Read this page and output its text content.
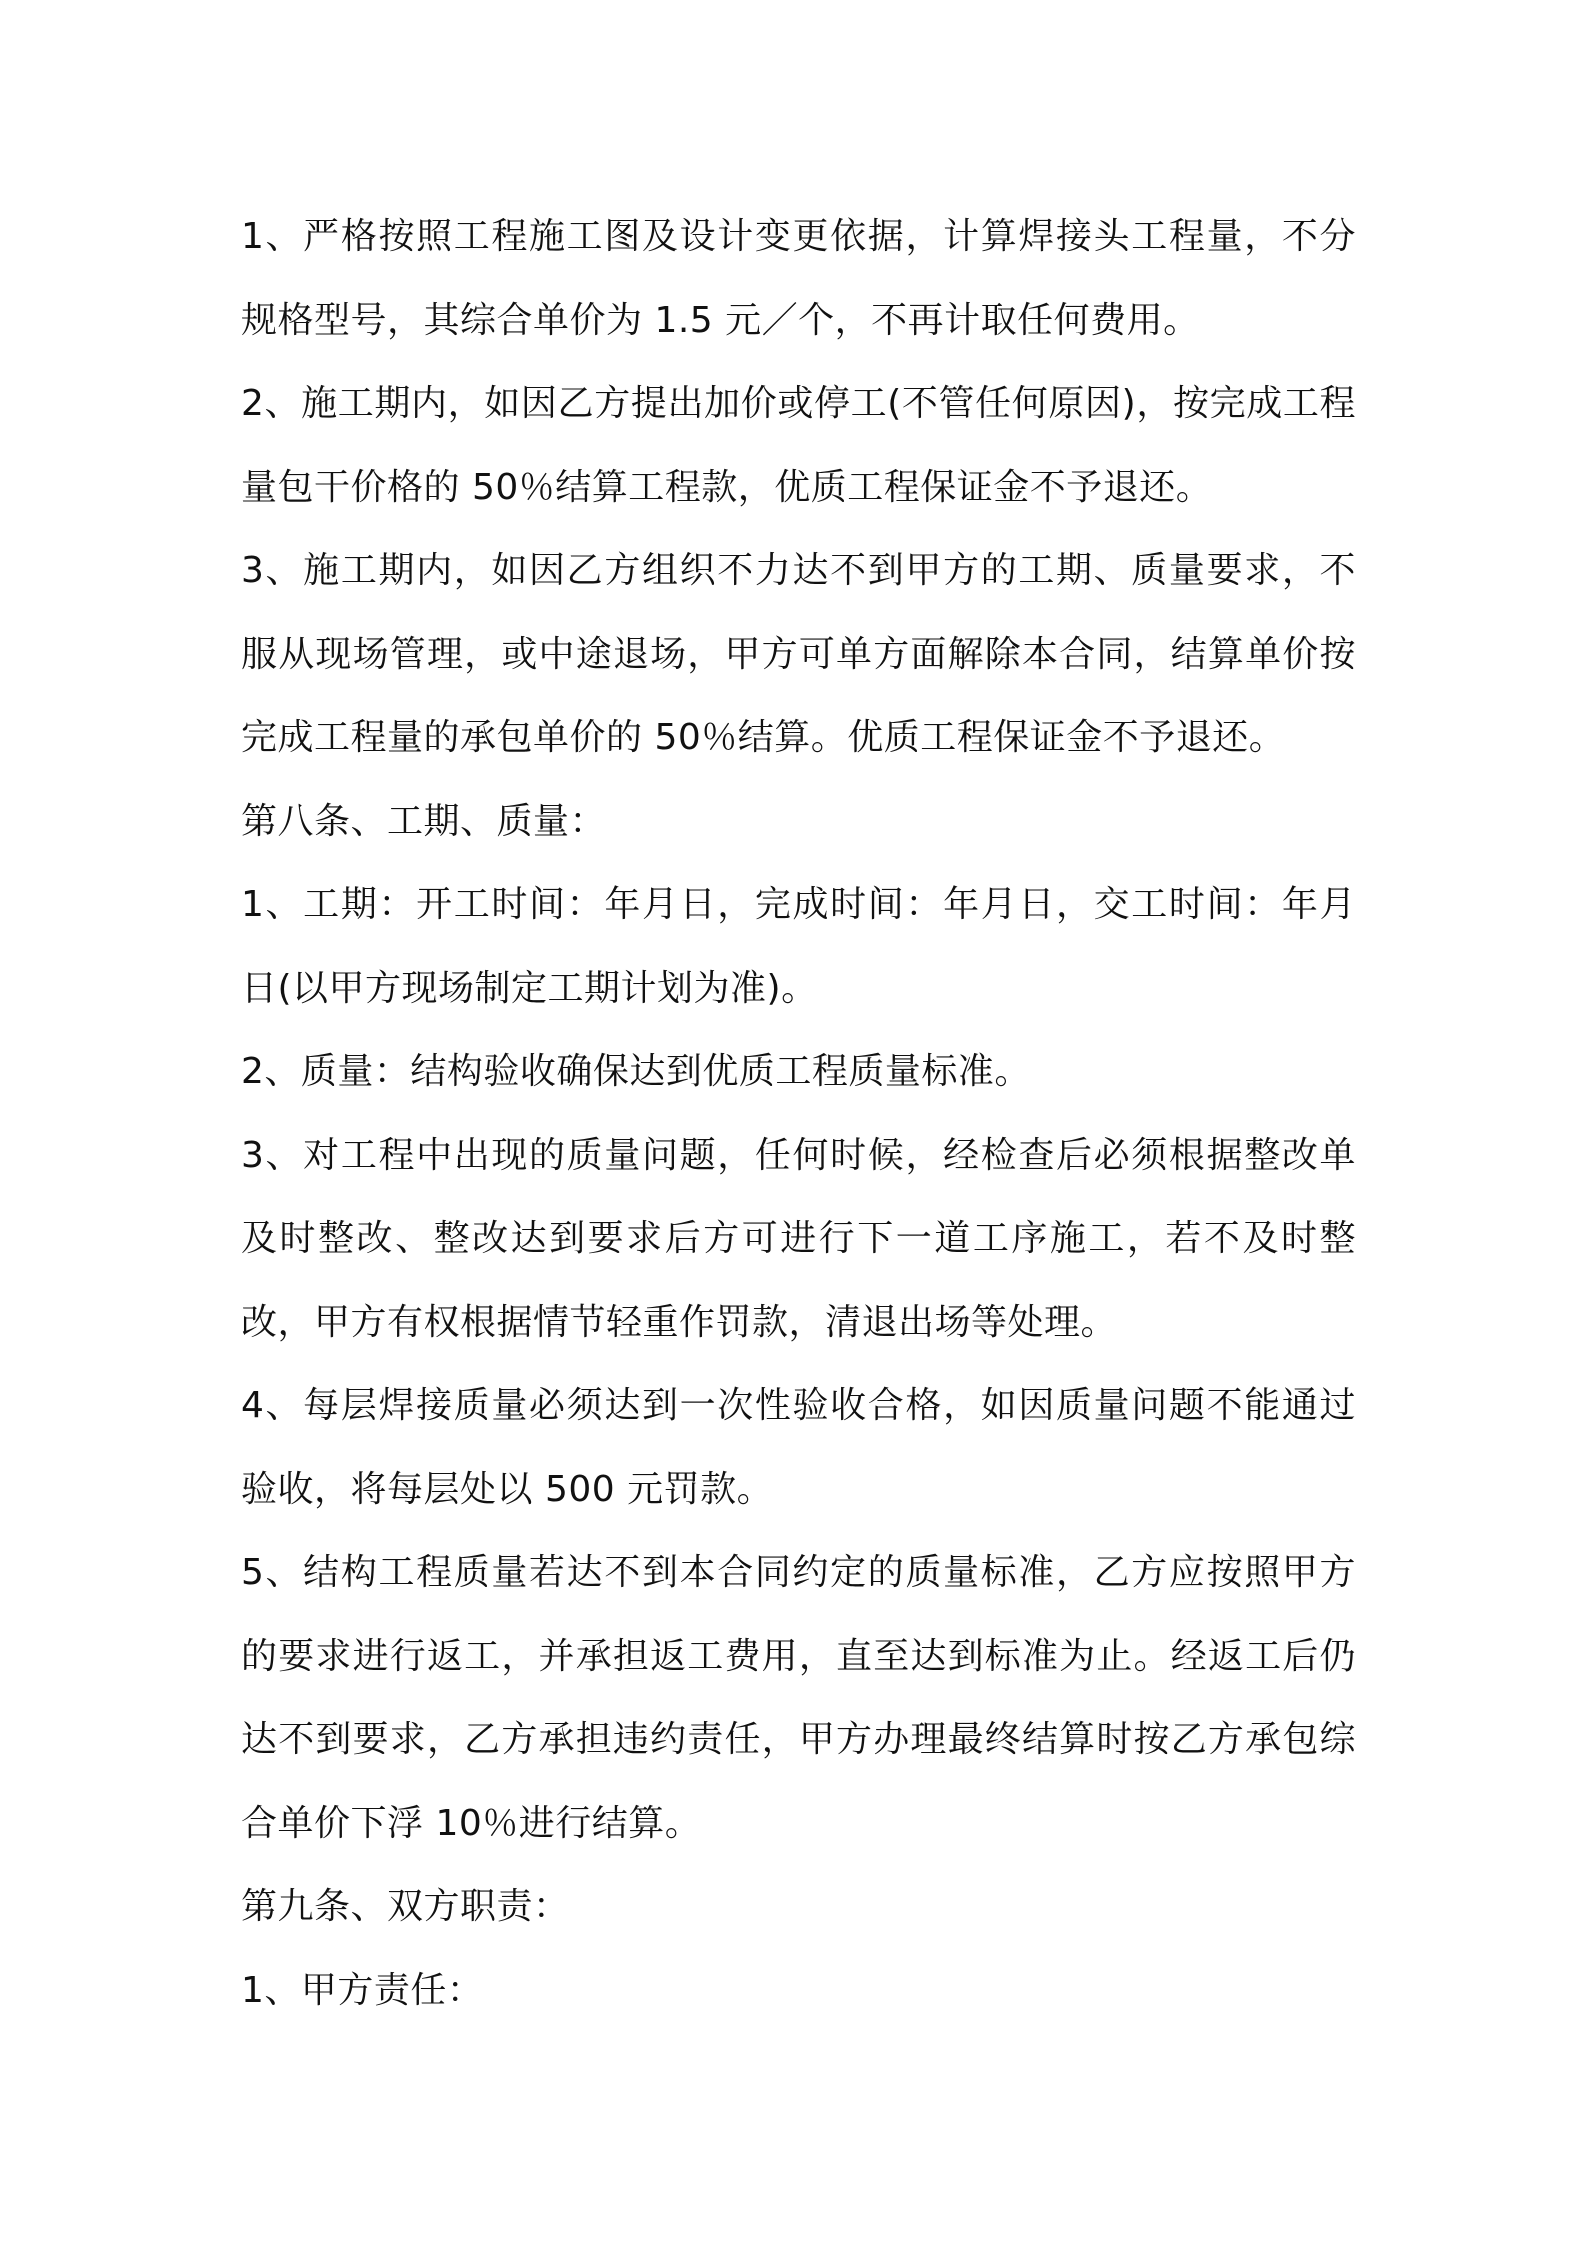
1、严格按照工程施工图及设计变更依据，计算焊接头工程量，不分规格型号，其综合单价为 1.5 元／个，不再计取任何费用。

2、施工期内，如因乙方提出加价或停工(不管任何原因)，按完成工程量包干价格的 50％结算工程款，优质工程保证金不予退还。

3、施工期内，如因乙方组织不力达不到甲方的工期、质量要求，不服从现场管理，或中途退场，甲方可单方面解除本合同，结算单价按完成工程量的承包单价的 50％结算。优质工程保证金不予退还。

第八条、工期、质量：

1、工期：开工时间：年月日，完成时间：年月日，交工时间：年月日(以甲方现场制定工期计划为准)。

2、质量：结构验收确保达到优质工程质量标准。

3、对工程中出现的质量问题，任何时候，经检查后必须根据整改单及时整改、整改达到要求后方可进行下一道工序施工，若不及时整改，甲方有权根据情节轻重作罚款，清退出场等处理。

4、每层焊接质量必须达到一次性验收合格，如因质量问题不能通过验收，将每层处以 500 元罚款。

5、结构工程质量若达不到本合同约定的质量标准，乙方应按照甲方的要求进行返工，并承担返工费用，直至达到标准为止。经返工后仍达不到要求，乙方承担违约责任，甲方办理最终结算时按乙方承包综合单价下浮 10％进行结算。

第九条、双方职责：

1、甲方责任：
